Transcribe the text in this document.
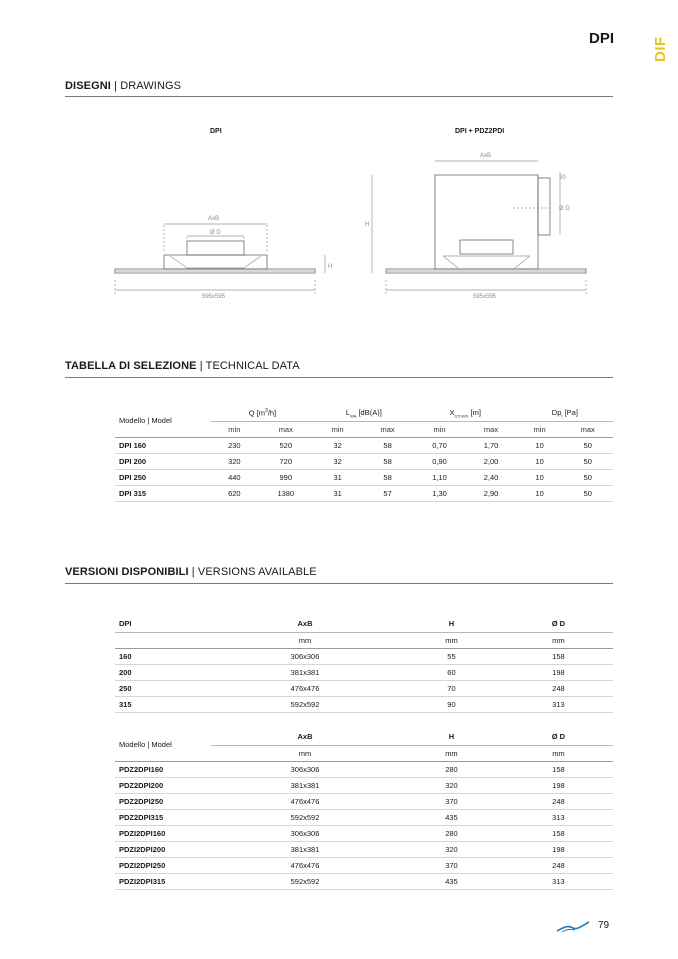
DPI	DIF
DISEGNI | DRAWINGS
DPI	DPI + PDZ2PDI
AxB
Ø D
H
595x595
AxB
20
Ø D
H
595x595
TABELLA DI SELEZIONE | TECHNICAL DATA
Modello | Model	Q $[m^3/h]$		$L_{WA}$ [dB(A)]		$X_{0,5 M/S}$ [m]		$Dp_t$ [Pa]	
	min	max	min	max	min	max	min	max
DPI 160	230	520	32	58	0,70	1,70	10	50
DPI 200	320	720	32	58	0,90	2,00	10	50
DPI 250	440	990	31	58	1,10	2,40	10	50
DPI 315	620	1380	31	57	1,30	2,90	10	50
VERSIONI DISPONIBILI | VERSIONS AVAILABLE
DPI	AxB	H	Ø D
	mm	mm	mm
160	306x306	55	158
200	381x381	60	198
250	476x476	70	248
315	592x592	90	313
Modello | Model	AxB	H	Ø D
	mm	mm	mm
PDZ2DPI160	306x306	280	158
PDZ2DPI200	381x381	320	198
PDZ2DPI250	476x476	370	248
PDZ2DPI315	592x592	435	313
PDZI2DPI160	306x306	280	158
PDZI2DPI200	381x381	320	198
PDZI2DPI250	476x476	370	248
PDZI2DPI315	592x592	435	313
79
